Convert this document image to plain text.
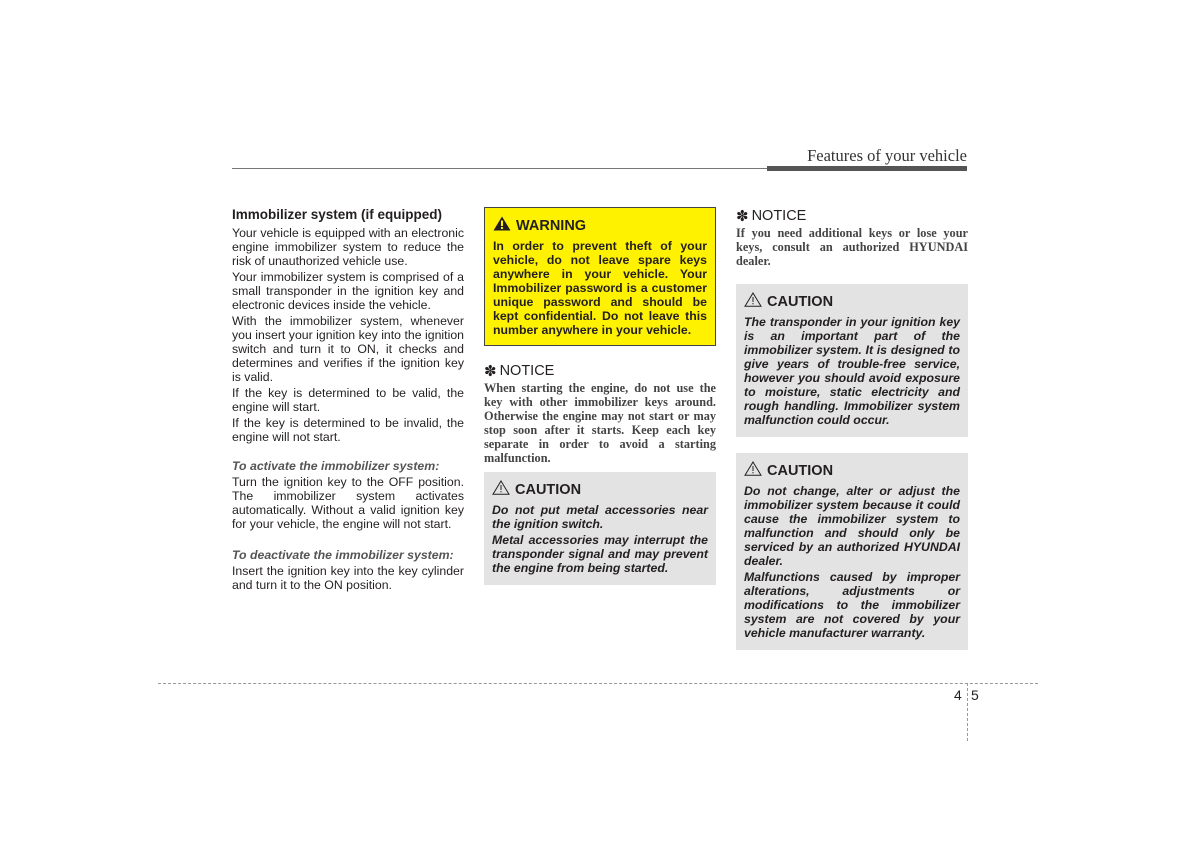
Features of your vehicle
Immobilizer system (if equipped)

Your vehicle is equipped with an electronic engine immobilizer system to reduce the risk of unauthorized vehicle use.

Your immobilizer system is comprised of a small transponder in the ignition key and electronic devices inside the vehicle.

With the immobilizer system, whenever you insert your ignition key into the ignition switch and turn it to ON, it checks and determines and verifies if the ignition key is valid.

If the key is determined to be valid, the engine will start.

If the key is determined to be invalid, the engine will not start.

To activate the immobilizer system:

Turn the ignition key to the OFF position. The immobilizer system activates automatically. Without a valid ignition key for your vehicle, the engine will not start.

To deactivate the immobilizer system:

Insert the ignition key into the key cylinder and turn it to the ON position.

WARNING
In order to prevent theft of your vehicle, do not leave spare keys anywhere in your vehicle. Your Immobilizer password is a customer unique password and should be kept confidential. Do not leave this number anywhere in your vehicle.
✽ NOTICE
When starting the engine, do not use the key with other immobilizer keys around. Otherwise the engine may not start or may stop soon after it starts. Keep each key separate in order to avoid a starting malfunction.
CAUTION

Do not put metal accessories near the ignition switch.

Metal accessories may interrupt the transponder signal and may prevent the engine from being started.

✽ NOTICE
If you need additional keys or lose your keys, consult an authorized HYUNDAI dealer.
CAUTION

The transponder in your ignition key is an important part of the immobilizer system. It is designed to give years of trouble-free service, however you should avoid exposure to moisture, static electricity and rough handling. Immobilizer system malfunction could occur.

CAUTION

Do not change, alter or adjust the immobilizer system because it could cause the immobilizer system to malfunction and should only be serviced by an authorized HYUNDAI dealer.

Malfunctions caused by improper alterations, adjustments or modifications to the immobilizer system are not covered by your vehicle manufacturer warranty.

4 5
